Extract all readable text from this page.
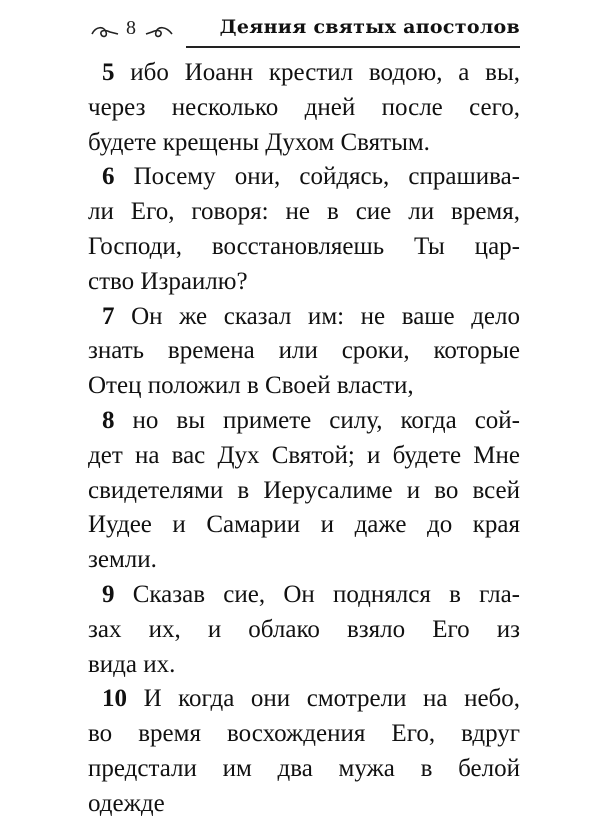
8	Деяния святых апостолов

5 ибо Иоанн крестил водою, а вы,
через несколько дней после сего,
будете крещены Духом Святым.

6 Посему они, сойдясь, спрашива-
ли Его, говоря: не в сие ли время,
Господи, восстановляешь Ты цар-
ство Израилю?

7 Он же сказал им: не ваше дело
знать времена или сроки, которые
Отец положил в Своей власти,

8 но вы примете силу, когда сой-
дет на вас Дух Святой; и будете Мне
свидетелями в Иерусалиме и во всей
Иудее и Самарии и даже до края
земли.

9 Сказав сие, Он поднялся в гла-
зах их, и облако взяло Его из
вида их.

10 И когда они смотрели на небо,
во время восхождения Его, вдруг
предстали им два мужа в белой
одежде
